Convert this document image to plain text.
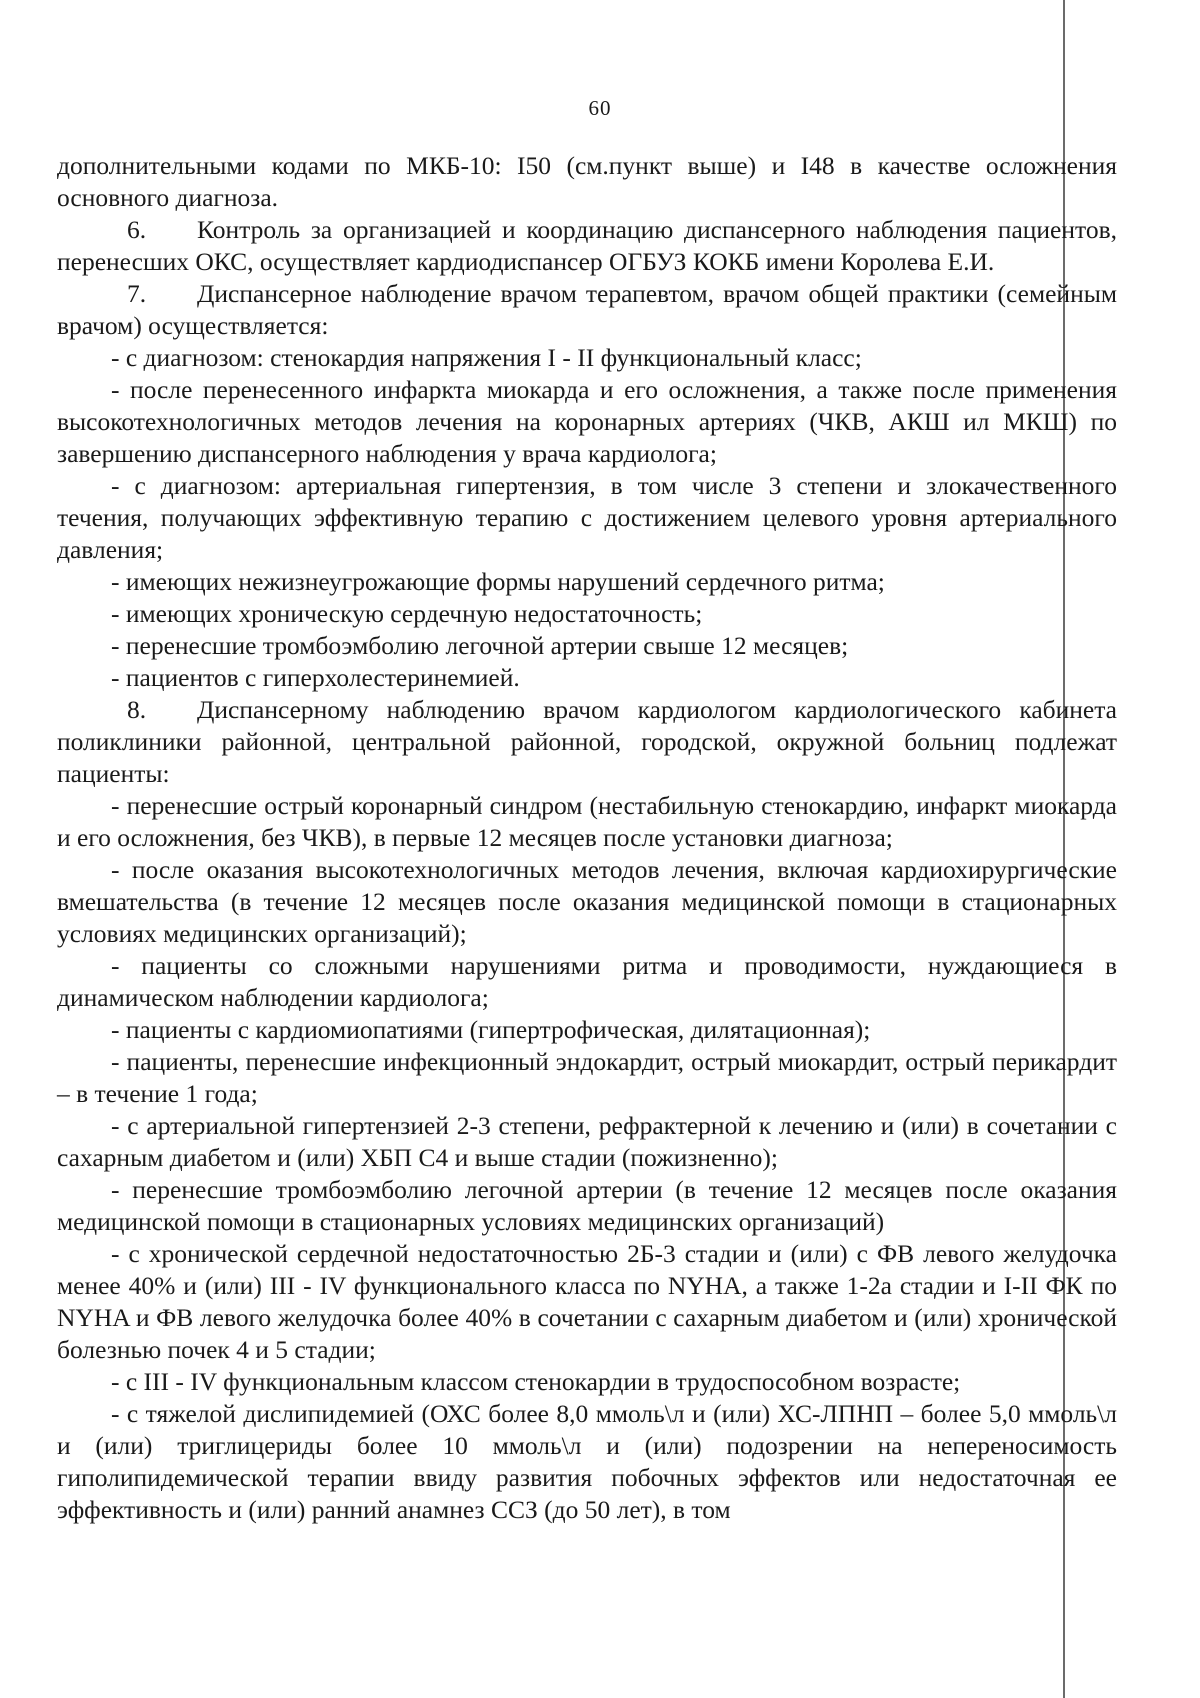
60

дополнительными кодами по МКБ-10: I50 (см.пункт выше) и I48 в качестве осложнения основного диагноза.

6. Контроль за организацией и координацию диспансерного наблюдения пациентов, перенесших ОКС, осуществляет кардиодиспансер ОГБУЗ КОКБ имени Королева Е.И.

7. Диспансерное наблюдение врачом терапевтом, врачом общей практики (семейным врачом) осуществляется:

- с диагнозом: стенокардия напряжения I - II функциональный класс;

- после перенесенного инфаркта миокарда и его осложнения, а также после применения высокотехнологичных методов лечения на коронарных артериях (ЧКВ, АКШ ил МКШ) по завершению диспансерного наблюдения у врача кардиолога;

- с диагнозом: артериальная гипертензия, в том числе 3 степени и злокачественного течения, получающих эффективную терапию с достижением целевого уровня артериального давления;

- имеющих нежизнеугрожающие формы нарушений сердечного ритма;

- имеющих хроническую сердечную недостаточность;

- перенесшие тромбоэмболию легочной артерии свыше 12 месяцев;

- пациентов с гиперхолестеринемией.

8. Диспансерному наблюдению врачом кардиологом кардиологического кабинета поликлиники районной, центральной районной, городской, окружной больниц подлежат пациенты:

- перенесшие острый коронарный синдром (нестабильную стенокардию, инфаркт миокарда и его осложнения, без ЧКВ), в первые 12 месяцев после установки диагноза;

- после оказания высокотехнологичных методов лечения, включая кардиохирургические вмешательства (в течение 12 месяцев после оказания медицинской помощи в стационарных условиях медицинских организаций);

- пациенты со сложными нарушениями ритма и проводимости, нуждающиеся в динамическом наблюдении кардиолога;

- пациенты с кардиомиопатиями (гипертрофическая, дилятационная);

- пациенты, перенесшие инфекционный эндокардит, острый миокардит, острый перикардит – в течение 1 года;

- с артериальной гипертензией 2-3 степени, рефрактерной к лечению и (или) в сочетании с сахарным диабетом и (или) ХБП С4 и выше стадии (пожизненно);

- перенесшие тромбоэмболию легочной артерии (в течение 12 месяцев после оказания медицинской помощи в стационарных условиях медицинских организаций)

- с хронической сердечной недостаточностью 2Б-3 стадии и (или) с ФВ левого желудочка менее 40% и (или) III - IV функционального класса по NYHA, а также 1-2а стадии и I-II ФК по NYHA и ФВ левого желудочка более 40% в сочетании с сахарным диабетом и (или) хронической болезнью почек 4 и 5 стадии;

- с III - IV функциональным классом стенокардии в трудоспособном возрасте;

- с тяжелой дислипидемией (ОХС более 8,0 ммоль\л и (или) ХС-ЛПНП – более 5,0 ммоль\л и (или) триглицериды более 10 ммоль\л и (или) подозрении на непереносимость гиполипидемической терапии ввиду развития побочных эффектов или недостаточная ее эффективность и (или) ранний анамнез ССЗ (до 50 лет), в том
